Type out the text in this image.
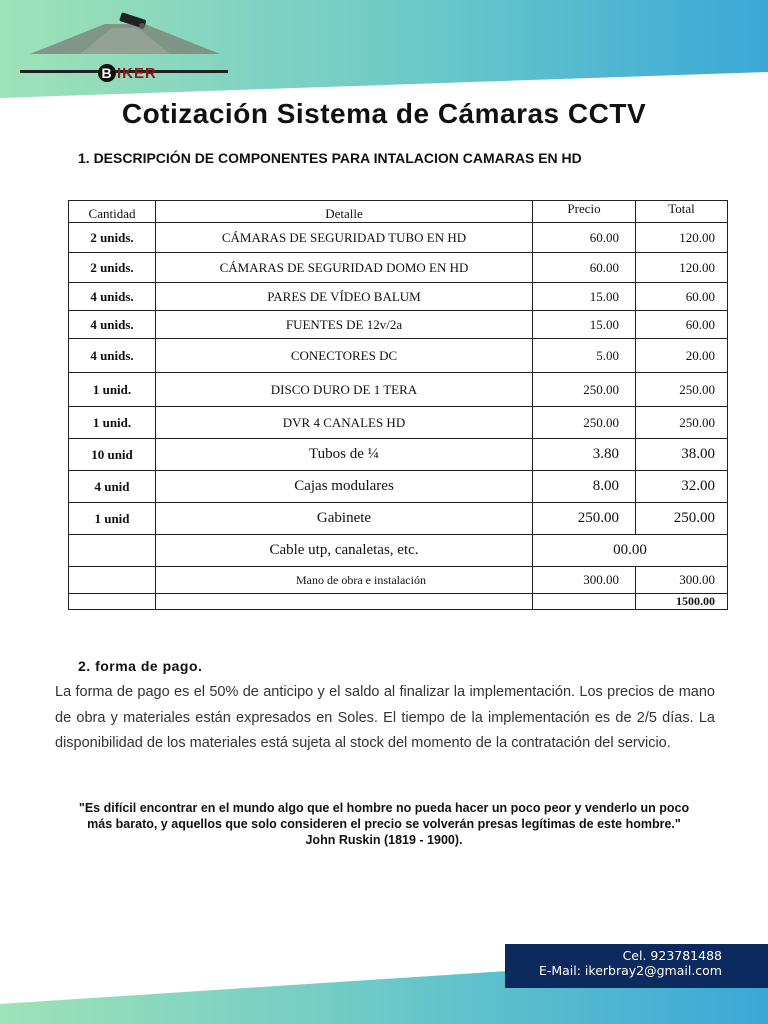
B IKER
Cotización Sistema de Cámaras CCTV
1. DESCRIPCIÓN DE COMPONENTES PARA INTALACION CAMARAS EN HD
Cantidad	Detalle	Precio	Total
2 unids.	CÁMARAS DE SEGURIDAD TUBO EN HD	60.00	120.00
2 unids.	CÁMARAS DE SEGURIDAD DOMO EN HD	60.00	120.00
4 unids.	PARES DE VÍDEO BALUM	15.00	60.00
4 unids.	FUENTES DE 12v/2a	15.00	60.00
4 unids.	CONECTORES DC	5.00	20.00
1 unid.	DISCO DURO DE 1 TERA	250.00	250.00
1 unid.	DVR 4 CANALES HD	250.00	250.00
10 unid	Tubos de ¼	3.80	38.00
4 unid	Cajas modulares	8.00	32.00
1 unid	Gabinete	250.00	250.00
	Cable utp, canaletas, etc.	00.00	
	Mano de obra e instalación	300.00	300.00
			1500.00
2. forma de pago.
La forma de pago es el 50% de anticipo y el saldo al finalizar la implementación. Los precios de mano de obra y materiales están expresados en Soles. El tiempo de la implementación es de 2/5 días. La disponibilidad de los materiales está sujeta al stock del momento de la contratación del servicio.
"Es difícil encontrar en el mundo algo que el hombre no pueda hacer un poco peor y venderlo un poco
más barato, y aquellos que solo consideren el precio se volverán presas legítimas de este hombre."
John Ruskin (1819 - 1900).
Cel. 923781488
E-Mail: ikerbray2@gmail.com
